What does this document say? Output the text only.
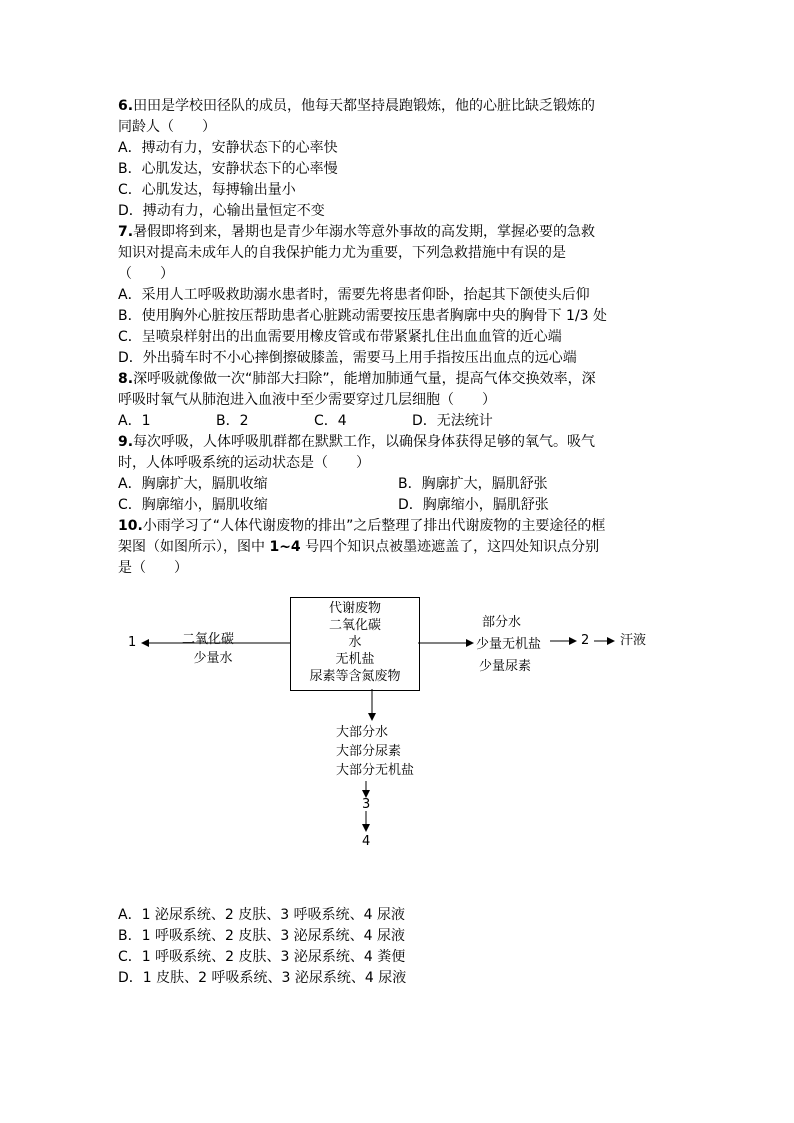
6.田田是学校田径队的成员，他每天都坚持晨跑锻炼，他的心脏比缺乏锻炼的
同龄人（　　）
A．搏动有力，安静状态下的心率快
B．心肌发达，安静状态下的心率慢
C．心肌发达，每搏输出量小
D．搏动有力，心输出量恒定不变
7.暑假即将到来，暑期也是青少年溺水等意外事故的高发期，掌握必要的急救
知识对提高未成年人的自我保护能力尤为重要，下列急救措施中有误的是
（　　）
A．采用人工呼吸救助溺水患者时，需要先将患者仰卧，抬起其下颌使头后仰
B．使用胸外心脏按压帮助患者心脏跳动需要按压患者胸廓中央的胸骨下 1/3 处
C．呈喷泉样射出的出血需要用橡皮管或布带紧紧扎住出血血管的近心端
D．外出骑车时不小心摔倒擦破膝盖，需要马上用手指按压出血点的远心端
8.深呼吸就像做一次“肺部大扫除”，能增加肺通气量，提高气体交换效率，深
呼吸时氧气从肺泡进入血液中至少需要穿过几层细胞（　　）
A．1	B．2	C．4	D．无法统计
9.每次呼吸，人体呼吸肌群都在默默工作，以确保身体获得足够的氧气。吸气
时，人体呼吸系统的运动状态是（　　）
A．胸廓扩大，膈肌收缩	B．胸廓扩大，膈肌舒张
C．胸廓缩小，膈肌收缩	D．胸廓缩小，膈肌舒张
10.小雨学习了“人体代谢废物的排出”之后整理了排出代谢废物的主要途径的框
架图（如图所示），图中 1~4 号四个知识点被墨迹遮盖了，这四处知识点分别
是（　　）
代谢废物
二氧化碳
水
无机盐
尿素等含氮废物
1	二氧化碳
少量水
部分水
少量无机盐
少量尿素
2 汗液
大部分水
大部分尿素
大部分无机盐
3
4
A．1 泌尿系统、2 皮肤、3 呼吸系统、4 尿液
B．1 呼吸系统、2 皮肤、3 泌尿系统、4 尿液
C．1 呼吸系统、2 皮肤、3 泌尿系统、4 粪便
D．1 皮肤、2 呼吸系统、3 泌尿系统、4 尿液
